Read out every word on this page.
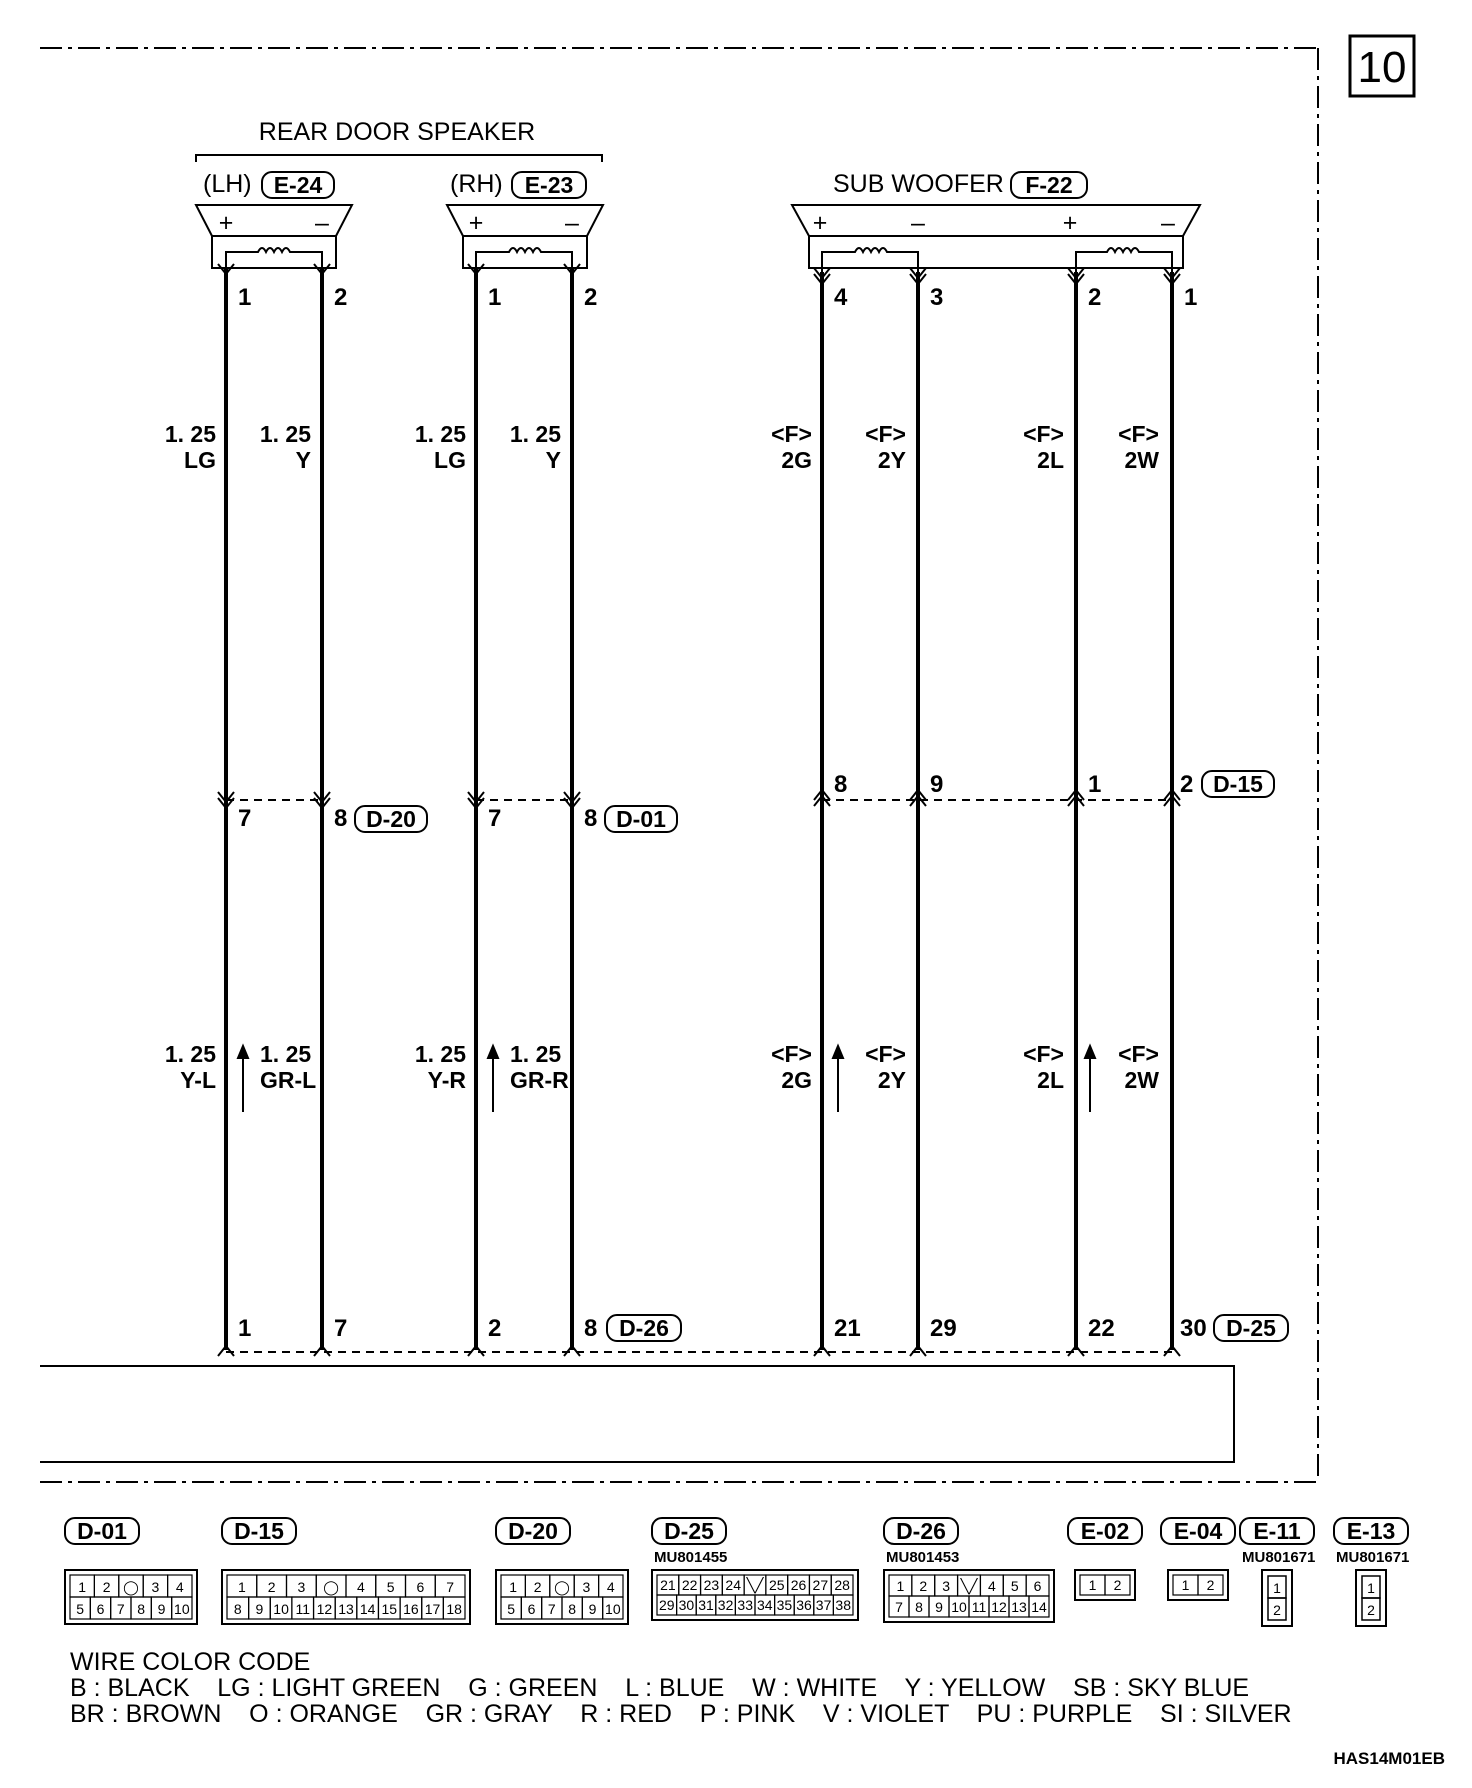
10
REAR DOOR SPEAKER
(LH) E-24
+	–
(RH) E-23
+	–
SUB WOOFER F-22
+	–	+	–
1	2	1	2	4	3	2	1
1. 25
LG
1. 25
Y
1. 25
LG
1. 25
Y
<F>
2G
<F>
2Y
<F>
2L
<F>
2W
7	8 D-20	7	8 D-01
8	9	1	2 D-15
1. 25
Y-L
1. 25
GR-L
1. 25
Y-R
1. 25
GR-R
<F>
2G
<F>
2Y
<F>
2L
<F>
2W
1	7	2	8 D-26	21	29	22	30 D-25
D-01
1 2 ◯ 3 4
5 6 7 8 9 10
D-15
1 2 3 ◯ 4 5 6 7
8 9 10 11 12 13 14 15 16 17 18
D-20
1 2 ◯ 3 4
5 6 7 8 9 10
D-25
MU801455
21 22 23 24 ╲╱ 25 26 27 28
29 30 31 32 33 34 35 36 37 38
D-26
MU801453
1 2 3 ╲╱ 4 5 6
7 8 9 10 11 12 13 14
E-02
1 2
E-04
1 2
E-11
MU801671
1
2
E-13
MU801671
1
2
WIRE COLOR CODE
B : BLACK    LG : LIGHT GREEN    G : GREEN    L : BLUE    W : WHITE    Y : YELLOW    SB : SKY BLUE
BR : BROWN    O : ORANGE    GR : GRAY    R : RED    P : PINK    V : VIOLET    PU : PURPLE    SI : SILVER
HAS14M01EB
